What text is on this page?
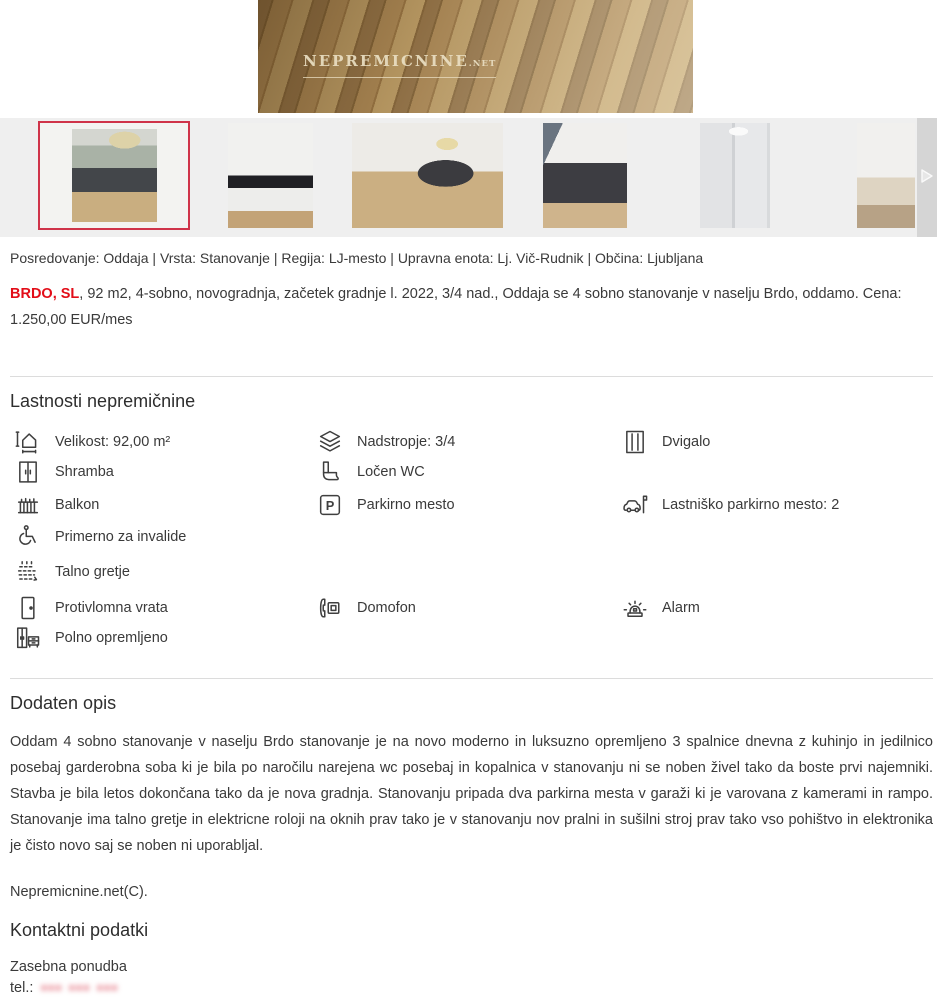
NEPREMICNINE.NET
Posredovanje: Oddaja | Vrsta: Stanovanje | Regija: LJ-mesto | Upravna enota: Lj. Vič-Rudnik | Občina: Ljubljana
BRDO, SL, 92 m2, 4-sobno, novogradnja, začetek gradnje l. 2022, 3/4 nad., Oddaja se 4 sobno stanovanje v naselju Brdo, oddamo. Cena: 1.250,00 EUR/mes
Lastnosti nepremičnine
Velikost: 92,00 m²	Nadstropje: 3/4	Dvigalo
Shramba	Ločen WC
Balkon	P Parkirno mesto	Lastniško parkirno mesto: 2
Primerno za invalide
Talno gretje
Protivlomna vrata	Domofon	Alarm
Polno opremljeno
Dodaten opis

Oddam 4 sobno stanovanje v naselju Brdo stanovanje je na novo moderno in luksuzno opremljeno 3 spalnice dnevna z kuhinjo in jedilnico posebaj garderobna soba ki je bila po naročilu narejena wc posebaj in kopalnica v stanovanju ni se noben živel tako da boste prvi najemniki. Stavba je bila letos dokončana tako da je nova gradnja. Stanovanju pripada dva parkirna mesta v garaži ki je varovana z kamerami in rampo. Stanovanje ima talno gretje in elektricne roloji na oknih prav tako je v stanovanju nov pralni in sušilni stroj prav tako vso pohištvo in elektronika je čisto novo saj se noben ni uporabljal.

Nepremicnine.net(C).

Kontaktni podatki

Zasebna ponudba

tel.: ••• ••• •••
